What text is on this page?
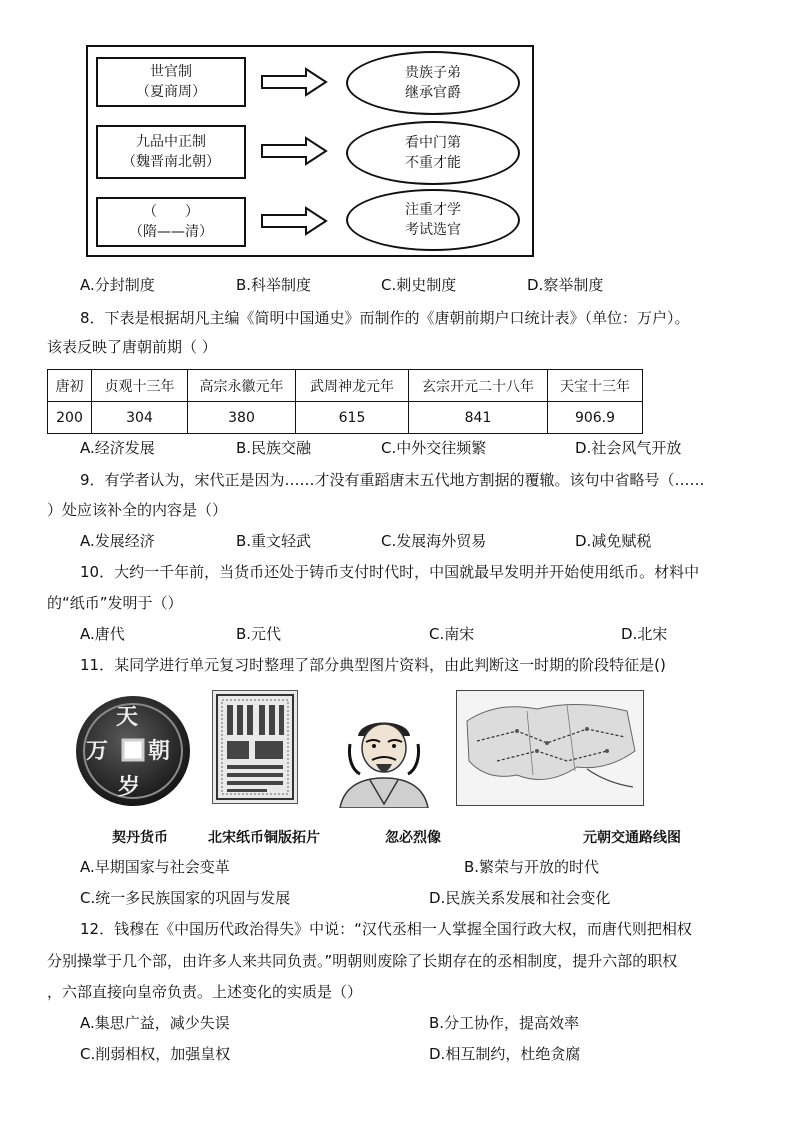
世官制
（夏商周）
贵族子弟
继承官爵
九品中正制
（魏晋南北朝）
看中门第
不重才能
（　　）
（隋——清）
注重才学
考试选官
A.分封制度	B.科举制度	C.刺史制度	D.察举制度
8．下表是根据胡凡主编《简明中国通史》而制作的《唐朝前期户口统计表》（单位：万户）。
该表反映了唐朝前期（ ）
唐初	贞观十三年	高宗永徽元年	武周神龙元年	玄宗开元二十八年	天宝十三年
200	304	380	615	841	906.9
A.经济发展	B.民族交融	C.中外交往频繁	D.社会风气开放
9．有学者认为，宋代正是因为……才没有重蹈唐末五代地方割据的覆辙。该句中省略号（……
）处应该补全的内容是（）
A.发展经济	B.重文轻武	C.发展海外贸易	D.减免赋税
10．大约一千年前，当货币还处于铸币支付时代时，中国就最早发明并开始使用纸币。材料中
的“纸币”发明于（）
A.唐代	B.元代	C.南宋	D.北宋
11．某同学进行单元复习时整理了部分典型图片资料，由此判断这一时期的阶段特征是()
天
朝
万
岁
契丹货币	北宋纸币铜版拓片	忽必烈像	元朝交通路线图
A.早期国家与社会变革	B.繁荣与开放的时代
C.统一多民族国家的巩固与发展	D.民族关系发展和社会变化
12．钱穆在《中国历代政治得失》中说：“汉代丞相一人掌握全国行政大权，而唐代则把相权
分别操掌于几个部，由许多人来共同负责。”明朝则废除了长期存在的丞相制度，提升六部的职权
，六部直接向皇帝负责。上述变化的实质是（）
A.集思广益，减少失误	B.分工协作，提高效率
C.削弱相权，加强皇权	D.相互制约，杜绝贪腐
